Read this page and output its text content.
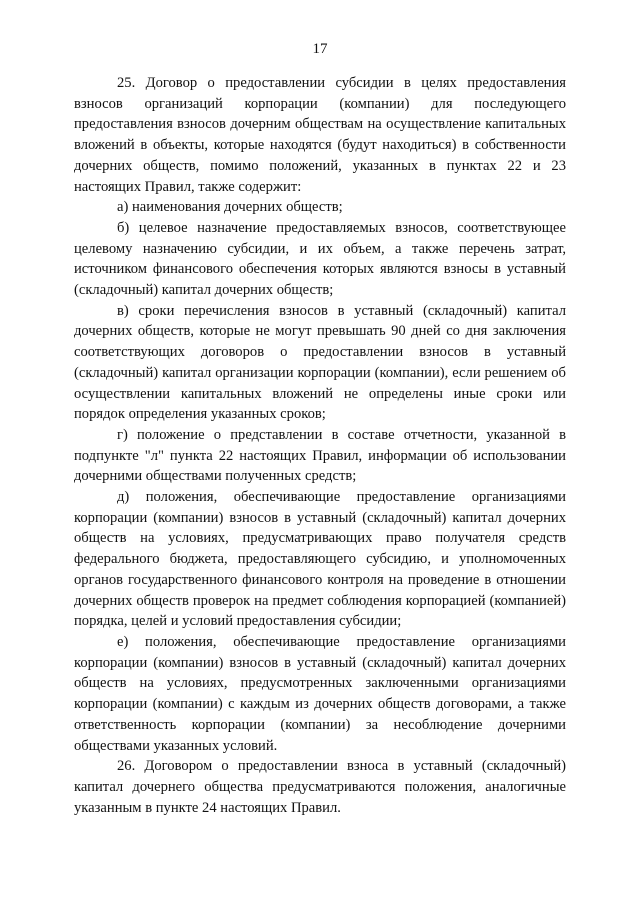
17

25. Договор о предоставлении субсидии в целях предоставления взносов организаций корпорации (компании) для последующего предоставления взносов дочерним обществам на осуществление капитальных вложений в объекты, которые находятся (будут находиться) в собственности дочерних обществ, помимо положений, указанных в пунктах 22 и 23 настоящих Правил, также содержит:

а) наименования дочерних обществ;

б) целевое назначение предоставляемых взносов, соответствующее целевому назначению субсидии, и их объем, а также перечень затрат, источником финансового обеспечения которых являются взносы в уставный (складочный) капитал дочерних обществ;

в) сроки перечисления взносов в уставный (складочный) капитал дочерних обществ, которые не могут превышать 90 дней со дня заключения соответствующих договоров о предоставлении взносов в уставный (складочный) капитал организации корпорации (компании), если решением об осуществлении капитальных вложений не определены иные сроки или порядок определения указанных сроков;

г) положение о представлении в составе отчетности, указанной в подпункте "л" пункта 22 настоящих Правил, информации об использовании дочерними обществами полученных средств;

д) положения, обеспечивающие предоставление организациями корпорации (компании) взносов в уставный (складочный) капитал дочерних обществ на условиях, предусматривающих право получателя средств федерального бюджета, предоставляющего субсидию, и уполномоченных органов государственного финансового контроля на проведение в отношении дочерних обществ проверок на предмет соблюдения корпорацией (компанией) порядка, целей и условий предоставления субсидии;

е) положения, обеспечивающие предоставление организациями корпорации (компании) взносов в уставный (складочный) капитал дочерних обществ на условиях, предусмотренных заключенными организациями корпорации (компании) с каждым из дочерних обществ договорами, а также ответственность корпорации (компании) за несоблюдение дочерними обществами указанных условий.

26. Договором о предоставлении взноса в уставный (складочный) капитал дочернего общества предусматриваются положения, аналогичные указанным в пункте 24 настоящих Правил.
